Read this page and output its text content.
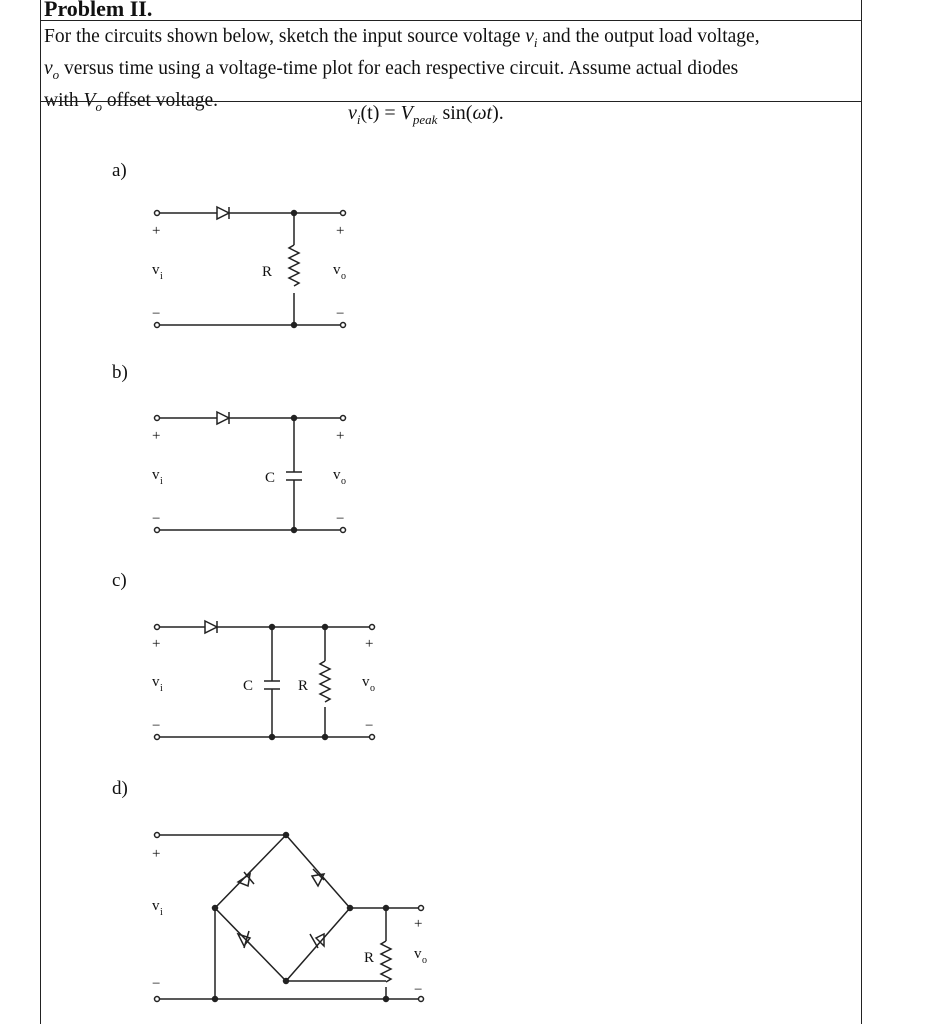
Problem II.
For the circuits shown below, sketch the input source voltage $v_i$ and the output load voltage,
$v_o$ versus time using a voltage-time plot for each respective circuit. Assume actual diodes
with $V_o$ offset voltage.
$v_i(t) = V_{peak}$ sin(ωt).
a)
b)
c)
d)
+
v i
−
R
+
v o
−
+
v i
−
C
+
v o
−
+
v i
−
C	R
+
v o
−
+
v i
−
R
+
v o
−
